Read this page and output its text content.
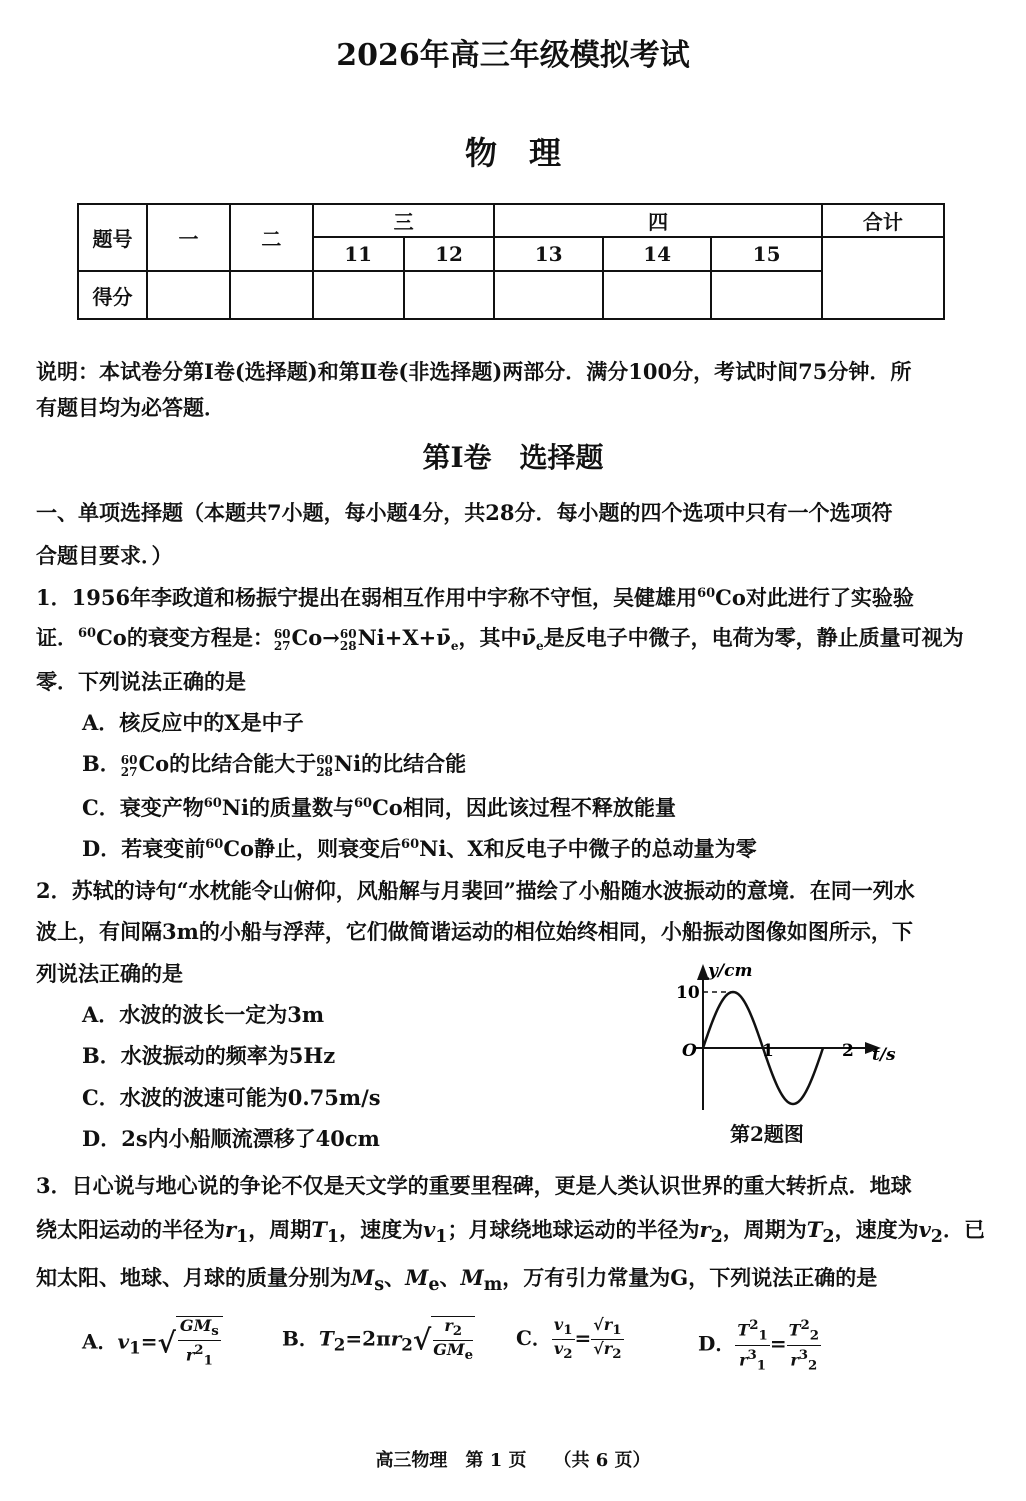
2026年高三年级模拟考试
物　理
题号	一	二	三		四			合计
			11	12	13	14	15	
得分								
说明：本试卷分第Ⅰ卷(选择题)和第Ⅱ卷(非选择题)两部分．满分100分，考试时间75分钟．所
有题目均为必答题．
第Ⅰ卷　选择题
一、单项选择题（本题共7小题，每小题4分，共28分．每小题的四个选项中只有一个选项符
合题目要求．）
1．1956年李政道和杨振宁提出在弱相互作用中宇称不守恒，吴健雄用$^{60}$Co对此进行了实验验
证．$^{60}$Co的衰变方程是： 60
27 Co→ 60
28 $Ni+X+\nū_e$，其中$\nū_e$是反电子中微子，电荷为零，静止质量可视为
零．下列说法正确的是
A．核反应中的X是中子
B． 60
27 Co的比结合能大于 60
28 Ni的比结合能
C．衰变产物$^{60}$Ni的质量数与$^{60}$Co相同，因此该过程不释放能量
D．若衰变前$^{60}$Co静止，则衰变后$^{60}$Ni、X和反电子中微子的总动量为零
2．苏轼的诗句“水枕能令山俯仰，风船解与月裴回”描绘了小船随水波振动的意境．在同一列水
波上，有间隔3m的小船与浮萍，它们做简谐运动的相位始终相同，小船振动图像如图所示，下
列说法正确的是
A．水波的波长一定为3m
B．水波振动的频率为5Hz
C．水波的波速可能为0.75m/s
D．2s内小船顺流漂移了40cm
y/cm
10
O	1	2 t/s
第2题图
3．日心说与地心说的争论不仅是天文学的重要里程碑，更是人类认识世界的重大转折点．地球
绕太阳运动的半径为$r_1$，周期$T_1$，速度为$v_1$；月球绕地球运动的半径为$r_2$，周期为$T_2$，速度为$v_2$．已
知太阳、地球、月球的质量分别为$M_s$、$M_e$、$M_m$，万有引力常量为G，下列说法正确的是
A．$v_1=√ \frac{GM_s}{r^2_1}$	B．$T_2=2\pi r_2√ \frac{r_2}{GM_e}$ C． $\frac{v_1}{v_2} = \frac{√r_1}{√r_2}$	D． $\frac{T^2_1}{r^3_1} = \frac{T^2_2}{r^3_2}$
高三物理　第 1 页　　（共 6 页）
